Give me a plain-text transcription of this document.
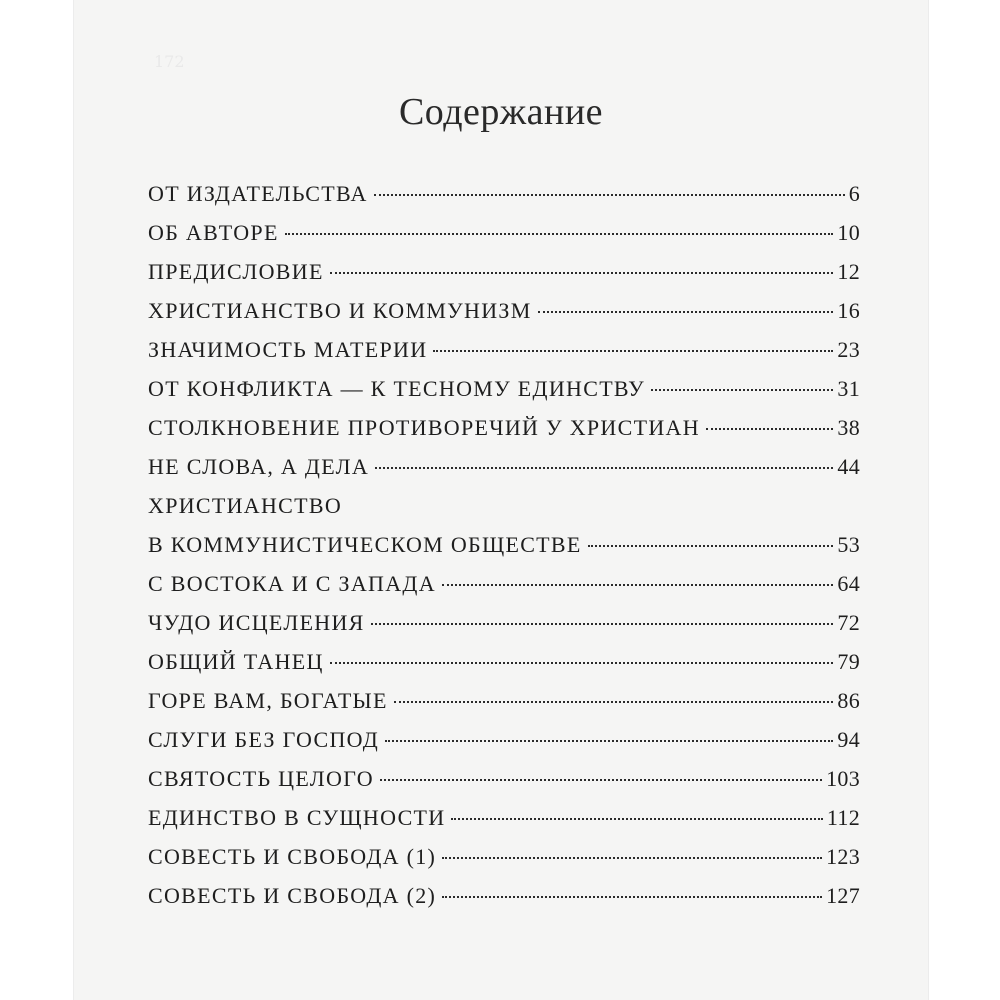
172
Содержание
ОТ ИЗДАТЕЛЬСТВА	6
ОБ АВТОРЕ	10
ПРЕДИСЛОВИЕ	12
ХРИСТИАНСТВО И КОММУНИЗМ	16
ЗНАЧИМОСТЬ МАТЕРИИ	23
ОТ КОНФЛИКТА — К ТЕСНОМУ ЕДИНСТВУ	31
СТОЛКНОВЕНИЕ ПРОТИВОРЕЧИЙ У ХРИСТИАН	38
НЕ СЛОВА, А ДЕЛА	44
ХРИСТИАНСТВО
В КОММУНИСТИЧЕСКОМ ОБЩЕСТВЕ	53
С ВОСТОКА И С ЗАПАДА	64
ЧУДО ИСЦЕЛЕНИЯ	72
ОБЩИЙ ТАНЕЦ	79
ГОРЕ ВАМ, БОГАТЫЕ	86
СЛУГИ БЕЗ ГОСПОД	94
СВЯТОСТЬ ЦЕЛОГО	103
ЕДИНСТВО В СУЩНОСТИ	112
СОВЕСТЬ И СВОБОДА (1)	123
СОВЕСТЬ И СВОБОДА (2)	127
